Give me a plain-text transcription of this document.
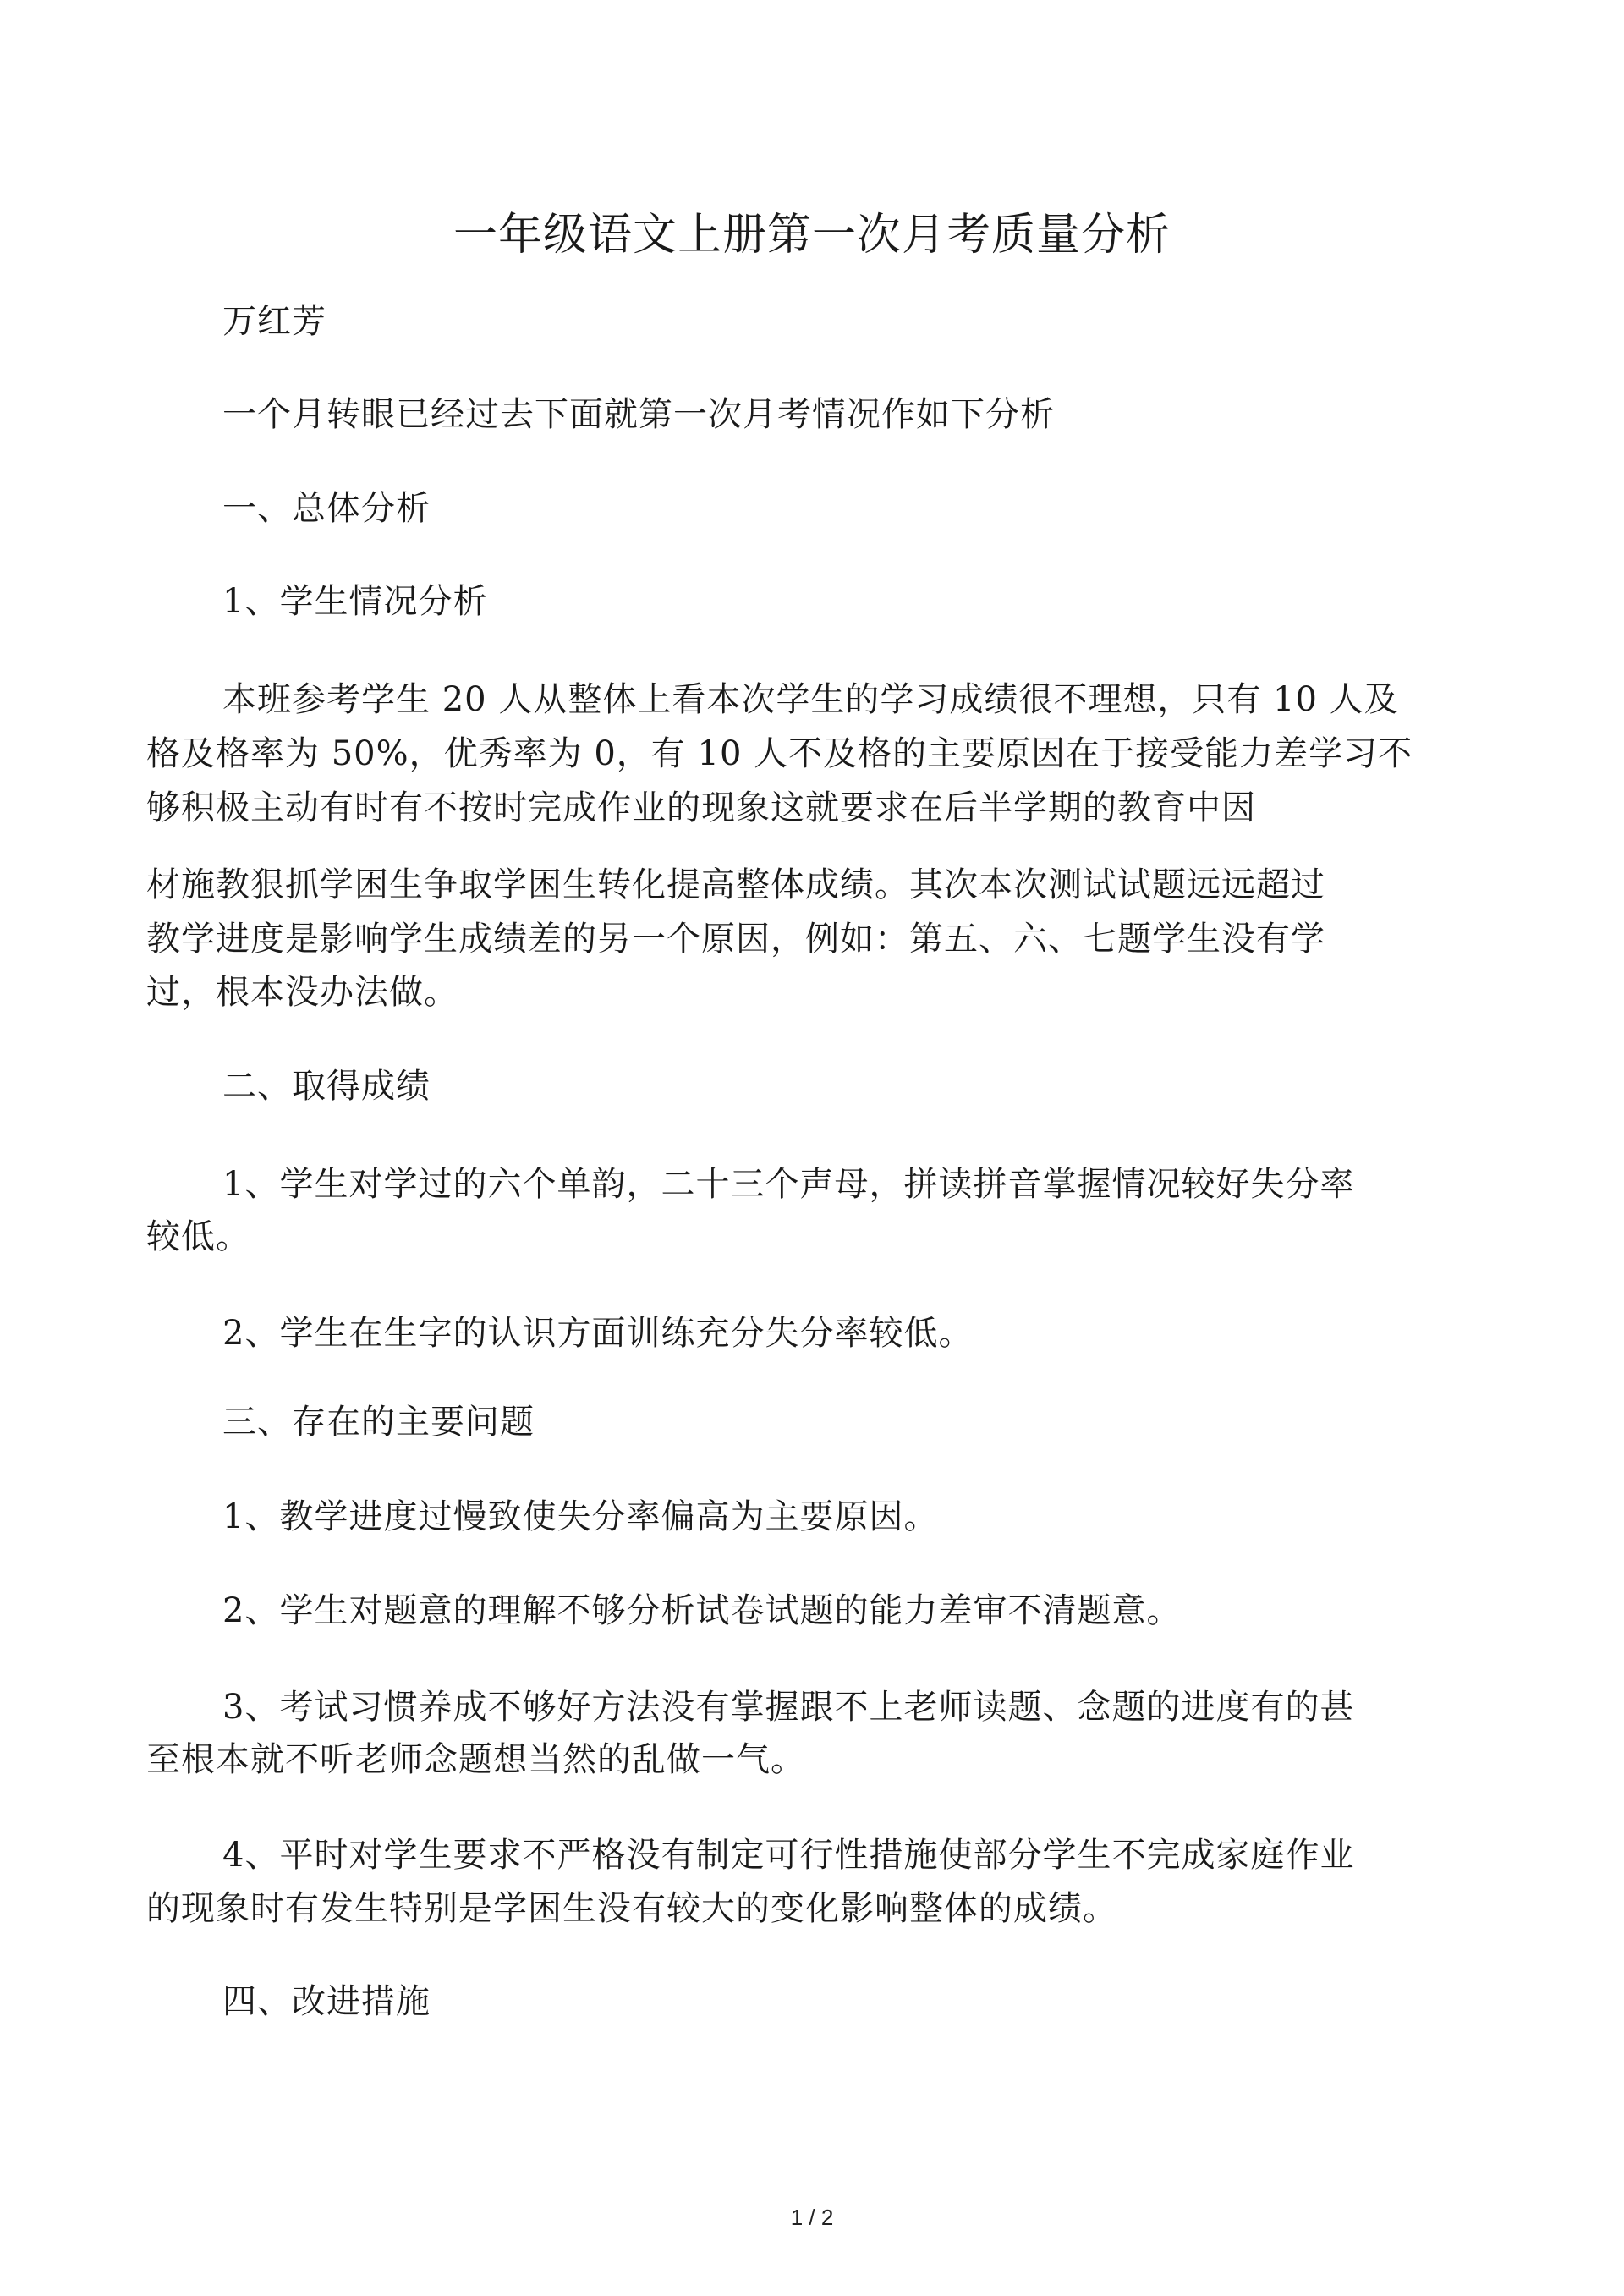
一年级语文上册第一次月考质量分析
万红芳
一个月转眼已经过去下面就第一次月考情况作如下分析
一、总体分析
1、学生情况分析
本班参考学生 20 人从整体上看本次学生的学习成绩很不理想，只有 10 人及
格及格率为 50%，优秀率为 0，有 10 人不及格的主要原因在于接受能力差学习不
够积极主动有时有不按时完成作业的现象这就要求在后半学期的教育中因
材施教狠抓学困生争取学困生转化提高整体成绩。其次本次测试试题远远超过
教学进度是影响学生成绩差的另一个原因，例如：第五、六、七题学生没有学
过，根本没办法做。
二、取得成绩
1、学生对学过的六个单韵，二十三个声母，拼读拼音掌握情况较好失分率
较低。
2、学生在生字的认识方面训练充分失分率较低。
三、存在的主要问题
1、教学进度过慢致使失分率偏高为主要原因。
2、学生对题意的理解不够分析试卷试题的能力差审不清题意。
3、考试习惯养成不够好方法没有掌握跟不上老师读题、念题的进度有的甚
至根本就不听老师念题想当然的乱做一气。
4、平时对学生要求不严格没有制定可行性措施使部分学生不完成家庭作业
的现象时有发生特别是学困生没有较大的变化影响整体的成绩。
四、改进措施
1 / 2
